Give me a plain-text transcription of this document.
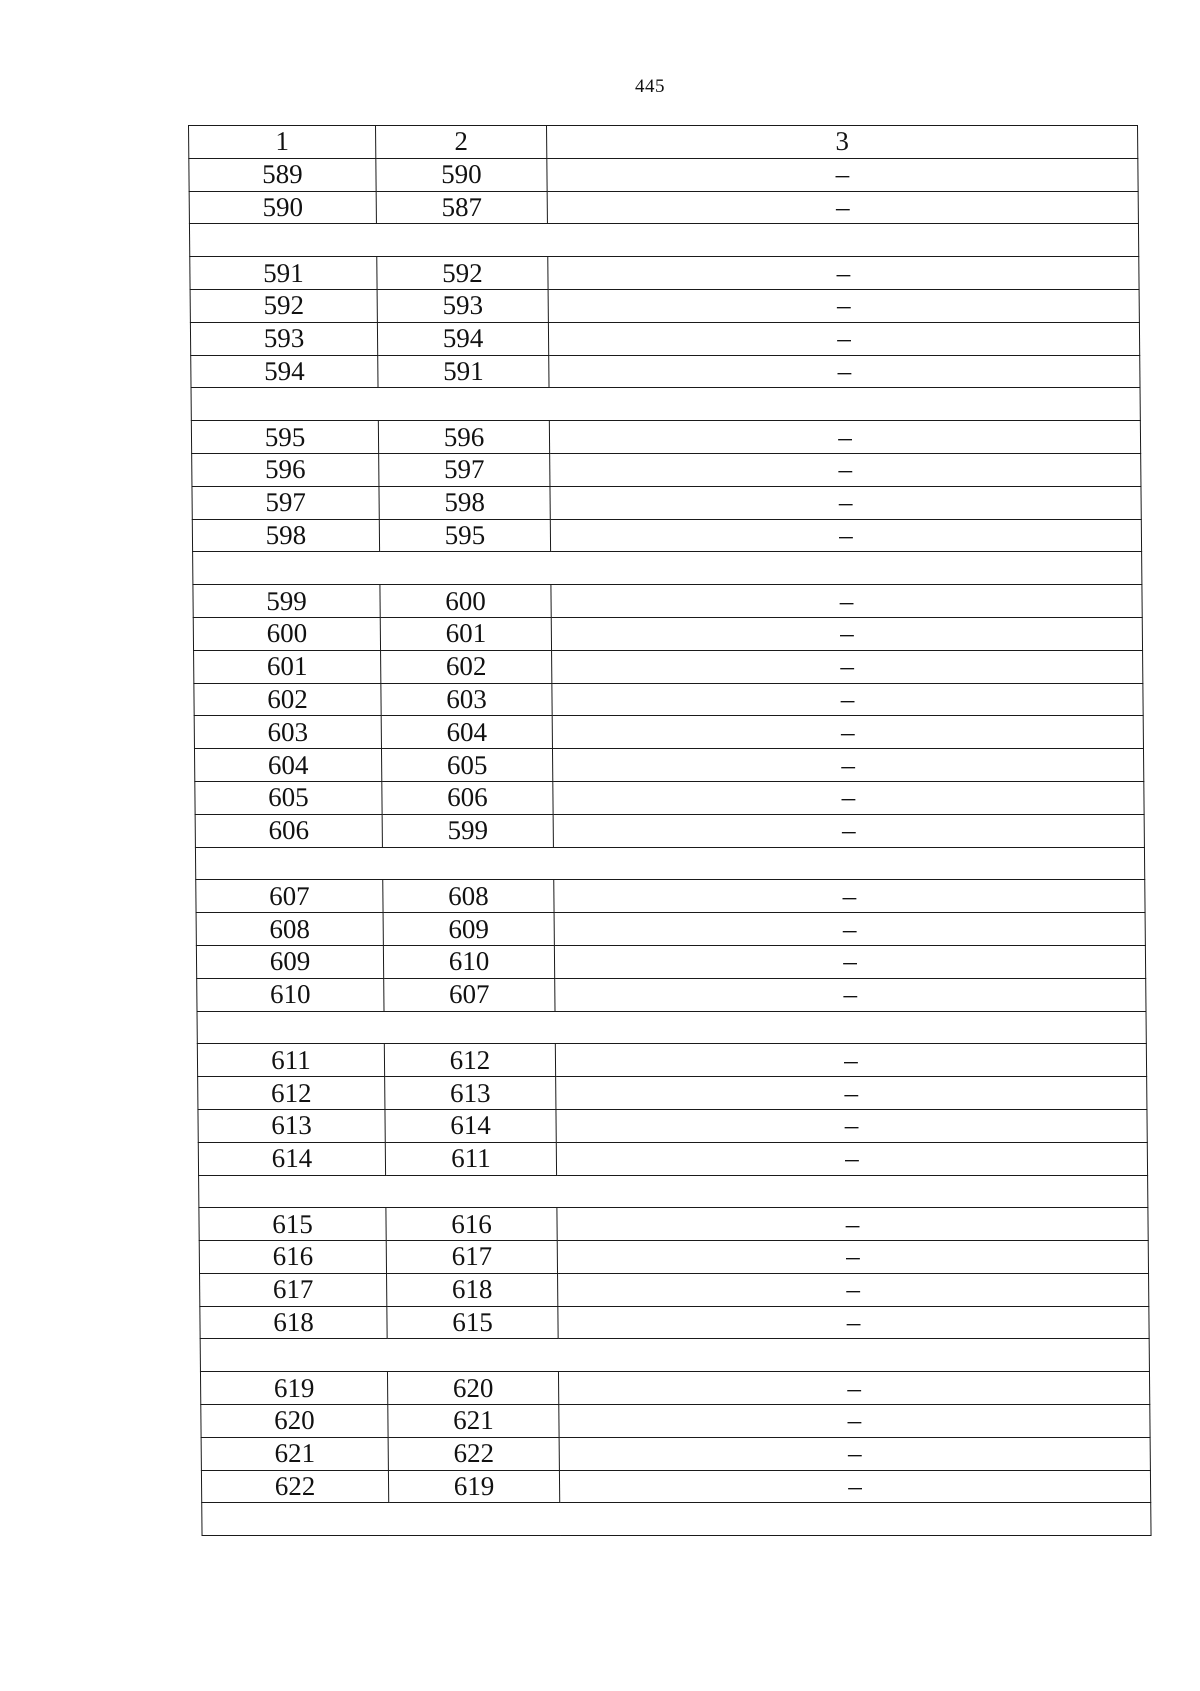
445
1	2	3
589	590	–
590	587	–

591	592	–
592	593	–
593	594	–
594	591	–

595	596	–
596	597	–
597	598	–
598	595	–

599	600	–
600	601	–
601	602	–
602	603	–
603	604	–
604	605	–
605	606	–
606	599	–

607	608	–
608	609	–
609	610	–
610	607	–

611	612	–
612	613	–
613	614	–
614	611	–

615	616	–
616	617	–
617	618	–
618	615	–

619	620	–
620	621	–
621	622	–
622	619	–
